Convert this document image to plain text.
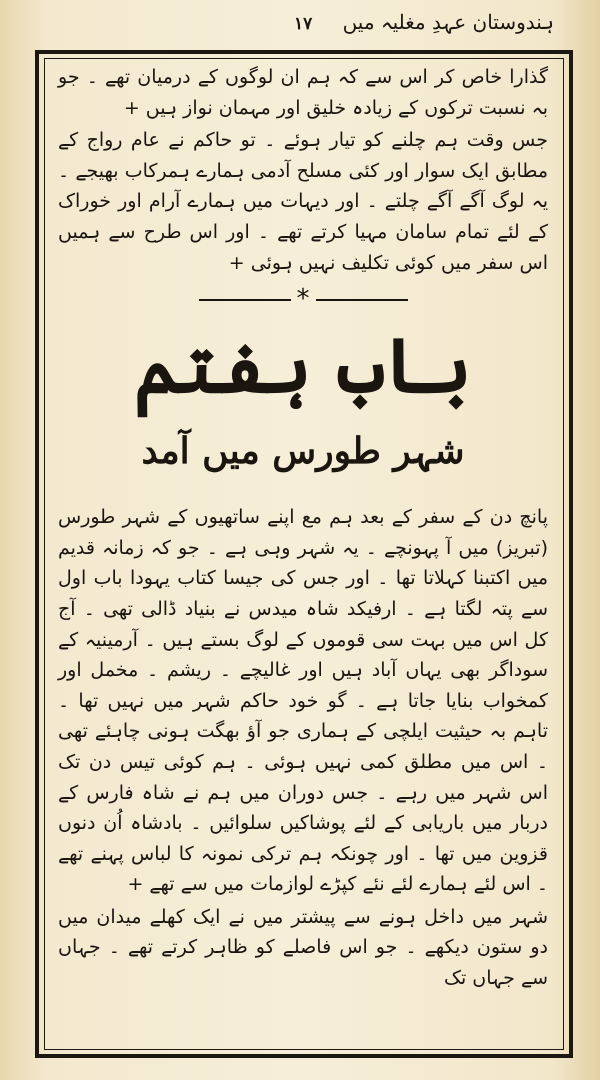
ہندوستان عہدِ مغلیہ میں
١٧

گذارا خاص کر اس سے کہ ہم ان لوگوں کے درمیان تھے ۔ جو بہ نسبت ترکوں کے زیادہ خلیق اور مہمان نواز ہیں +

جس وقت ہم چلنے کو تیار ہوئے ۔ تو حاکم نے عام رواج کے مطابق ایک سوار اور کئی مسلح آدمی ہمارے ہمرکاب بھیجے ۔ یہ لوگ آگے آگے چلتے ۔ اور دیہات میں ہمارے آرام اور خوراک کے لئے تمام سامان مہیا کرتے تھے ۔ اور اس طرح سے ہمیں اس سفر میں کوئی تکلیف نہیں ہوئی +

*
باب ہفتم
شہر طورس میں آمد

پانچ دن کے سفر کے بعد ہم مع اپنے ساتھیوں کے شہر طورس (تبریز) میں آ پہونچے ۔ یہ شہر وہی ہے ۔ جو کہ زمانہ قدیم میں اکتبنا کہلاتا تھا ۔ اور جس کی جیسا کتاب یہودا باب اول سے پتہ لگتا ہے ۔ ارفیکد شاہ میدس نے بنیاد ڈالی تھی ۔ آج کل اس میں بہت سی قوموں کے لوگ بستے ہیں ۔ آرمینیہ کے سوداگر بھی یہاں آباد ہیں اور غالیچے ۔ ریشم ۔ مخمل اور کمخواب بنایا جاتا ہے ۔ گو خود حاکم شہر میں نہیں تھا ۔ تاہم بہ حیثیت ایلچی کے ہماری جو آؤ بھگت ہونی چاہئے تھی ۔ اس میں مطلق کمی نہیں ہوئی ۔ ہم کوئی تیس دن تک اس شہر میں رہے ۔ جس دوران میں ہم نے شاہ فارس کے دربار میں باریابی کے لئے پوشاکیں سلوائیں ۔ بادشاہ اُن دنوں قزوین میں تھا ۔ اور چونکہ ہم ترکی نمونہ کا لباس پہنے تھے ۔ اس لئے ہمارے لئے نئے کپڑے لوازمات میں سے تھے +

شہر میں داخل ہونے سے پیشتر میں نے ایک کھلے میدان میں دو ستون دیکھے ۔ جو اس فاصلے کو ظاہر کرتے تھے ۔ جہاں سے جہاں تک
